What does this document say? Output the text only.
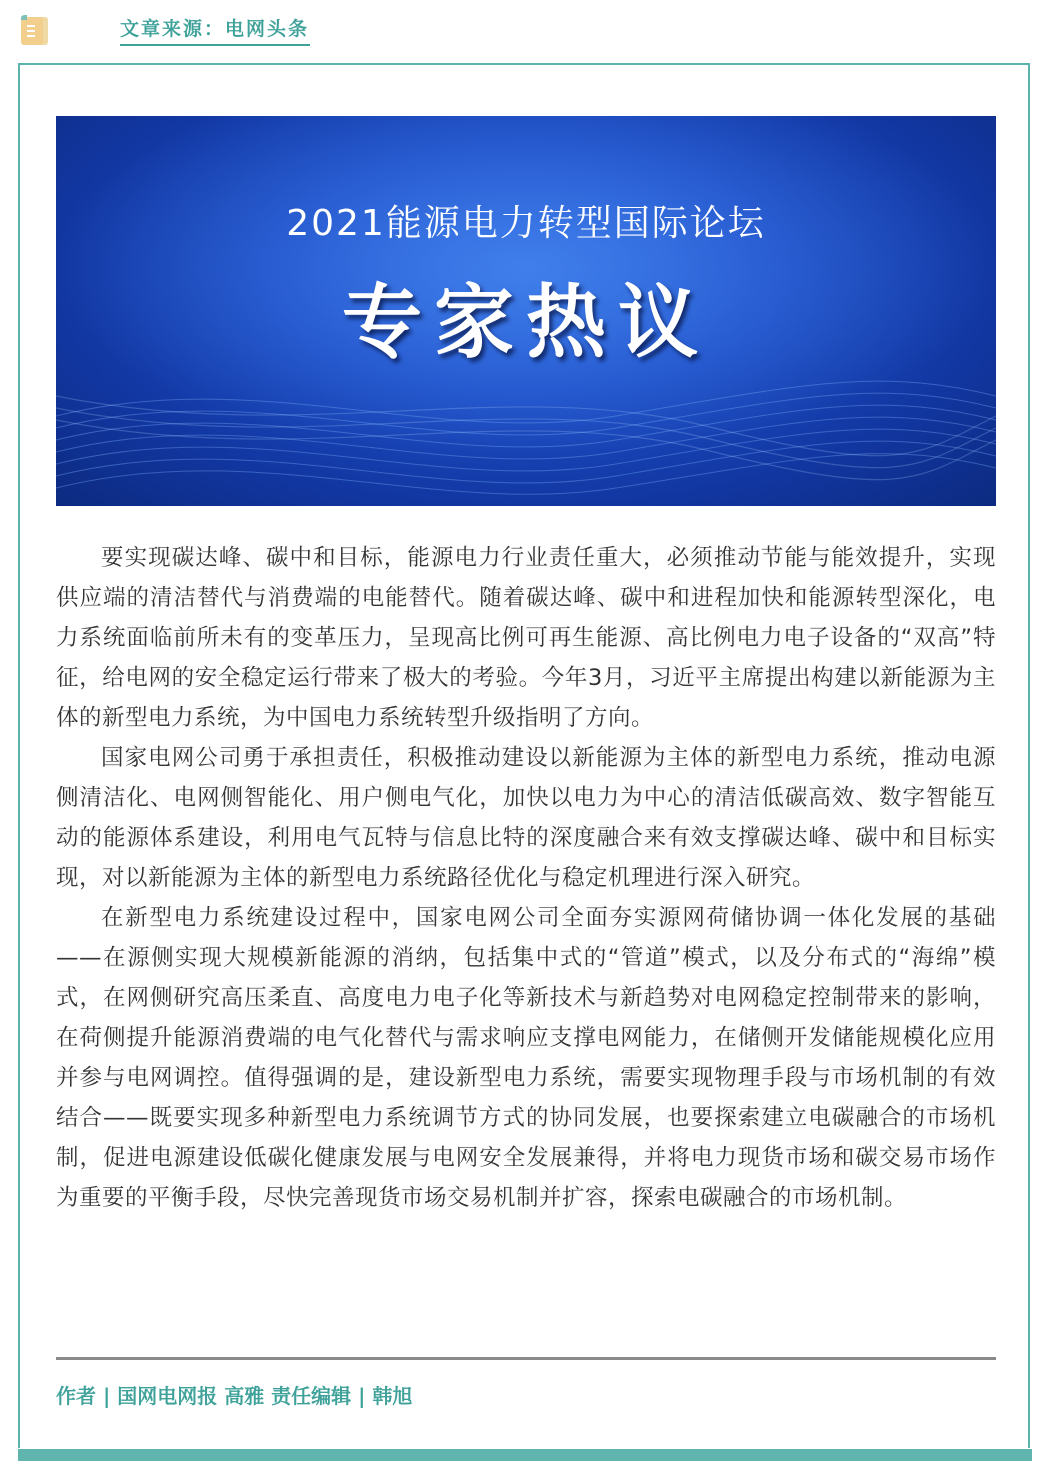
文章来源：电网头条
2021能源电力转型国际论坛
专家热议

要实现碳达峰、碳中和目标，能源电力行业责任重大，必须推动节能与能效提升，实现供应端的清洁替代与消费端的电能替代。随着碳达峰、碳中和进程加快和能源转型深化，电力系统面临前所未有的变革压力，呈现高比例可再生能源、高比例电力电子设备的“双高”特征，给电网的安全稳定运行带来了极大的考验。今年3月，习近平主席提出构建以新能源为主体的新型电力系统，为中国电力系统转型升级指明了方向。

国家电网公司勇于承担责任，积极推动建设以新能源为主体的新型电力系统，推动电源侧清洁化、电网侧智能化、用户侧电气化，加快以电力为中心的清洁低碳高效、数字智能互动的能源体系建设，利用电气瓦特与信息比特的深度融合来有效支撑碳达峰、碳中和目标实现，对以新能源为主体的新型电力系统路径优化与稳定机理进行深入研究。

在新型电力系统建设过程中，国家电网公司全面夯实源网荷储协调一体化发展的基础——在源侧实现大规模新能源的消纳，包括集中式的“管道”模式，以及分布式的“海绵”模式，在网侧研究高压柔直、高度电力电子化等新技术与新趋势对电网稳定控制带来的影响，在荷侧提升能源消费端的电气化替代与需求响应支撑电网能力，在储侧开发储能规模化应用并参与电网调控。值得强调的是，建设新型电力系统，需要实现物理手段与市场机制的有效结合——既要实现多种新型电力系统调节方式的协同发展，也要探索建立电碳融合的市场机制，促进电源建设低碳化健康发展与电网安全发展兼得，并将电力现货市场和碳交易市场作为重要的平衡手段，尽快完善现货市场交易机制并扩容，探索电碳融合的市场机制。

作者 | 国网电网报 高雅 责任编辑 | 韩旭
